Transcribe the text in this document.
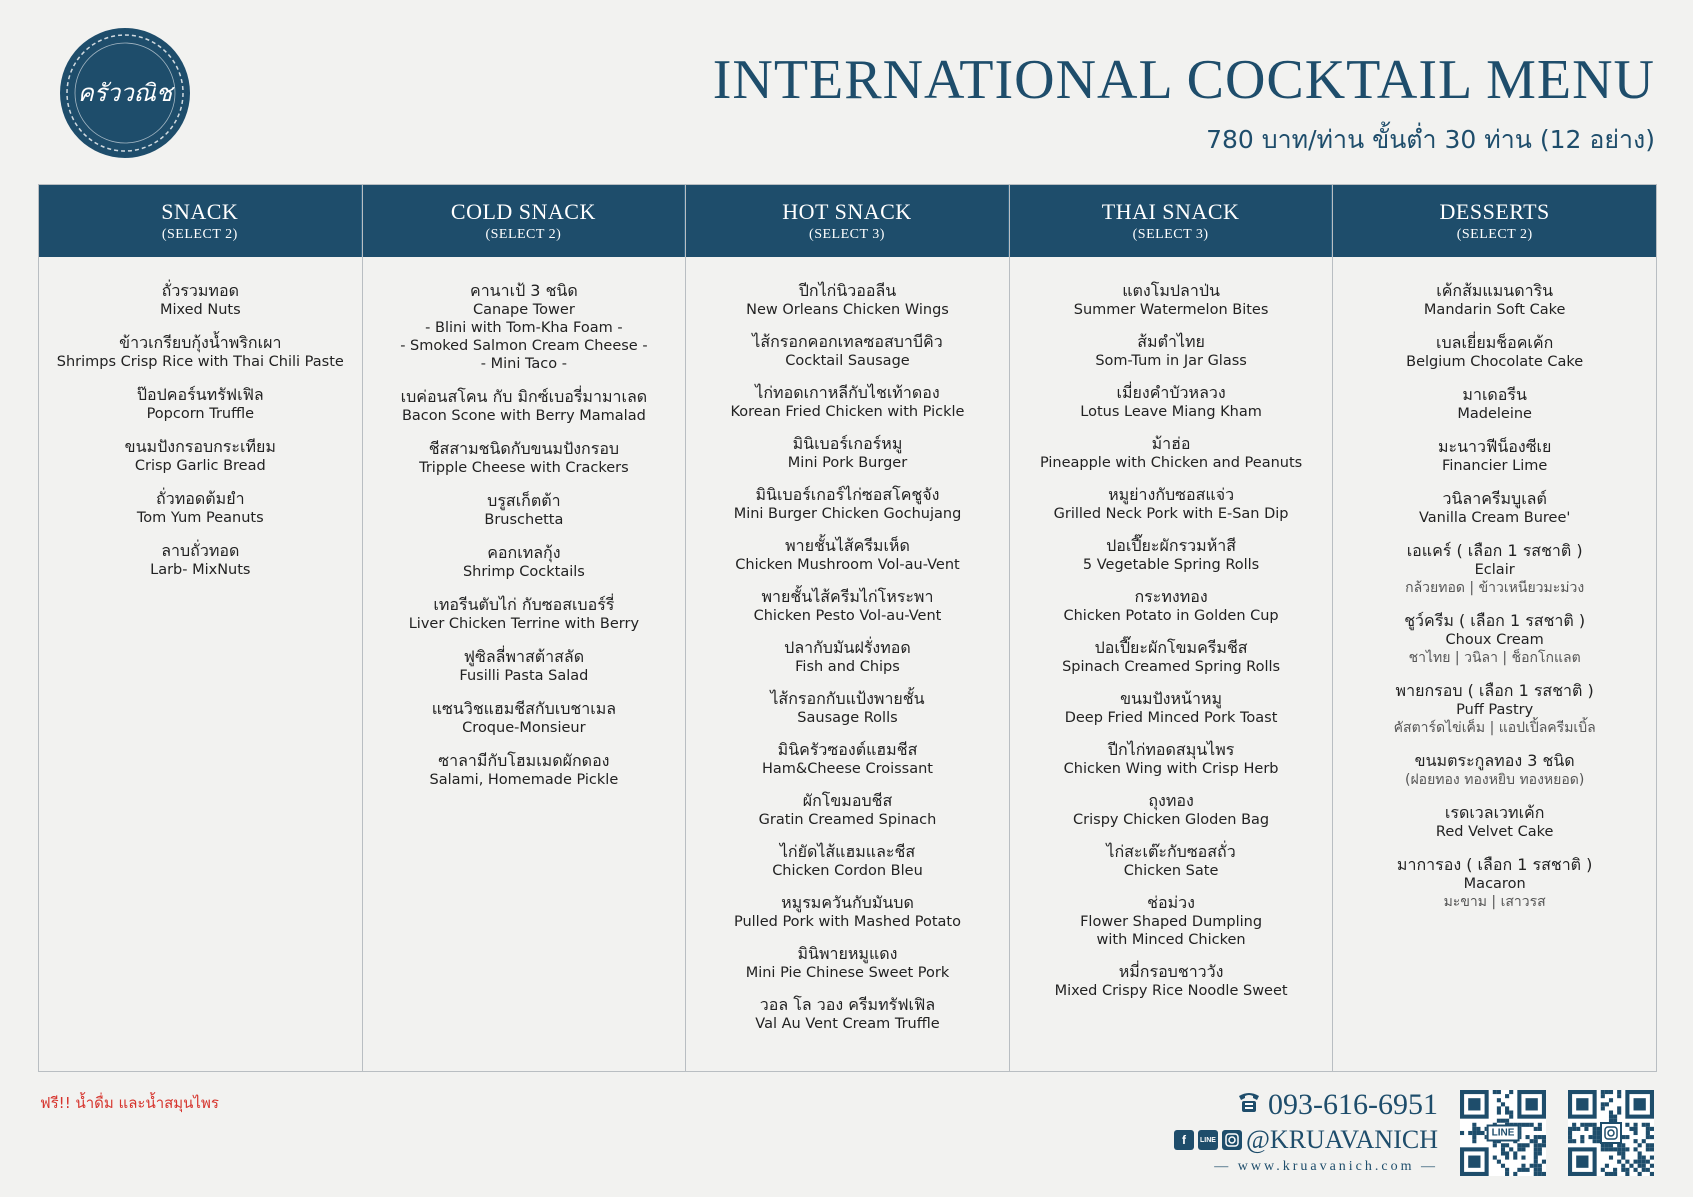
ครัววณิช	INTERNATIONAL COCKTAIL MENU
780 บาท/ท่าน ขั้นต่ำ 30 ท่าน (12 อย่าง)
SNACK
(SELECT 2)
ถั่วรวมทอด
Mixed Nuts
ข้าวเกรียบกุ้งน้ำพริกเผา
Shrimps Crisp Rice with Thai Chili Paste
ป๊อปคอร์นทรัฟเฟิล
Popcorn Truffle
ขนมปังกรอบกระเทียม
Crisp Garlic Bread
ถั่วทอดต้มยำ
Tom Yum Peanuts
ลาบถั่วทอด
Larb- MixNuts
COLD SNACK
(SELECT 2)
คานาเป้ 3 ชนิด
Canape Tower
- Blini with Tom-Kha Foam -
- Smoked Salmon Cream Cheese -
- Mini Taco -
เบค่อนสโคน กับ มิกซ์เบอรี่มามาเลด
Bacon Scone with Berry Mamalad
ชีสสามชนิดกับขนมปังกรอบ
Tripple Cheese with Crackers
บรูสเก็ตต้า
Bruschetta
คอกเทลกุ้ง
Shrimp Cocktails
เทอรีนตับไก่ กับซอสเบอร์รี่
Liver Chicken Terrine with Berry
ฟูซิลลี่พาสต้าสลัด
Fusilli Pasta Salad
แซนวิชแฮมชีสกับเบชาเมล
Croque-Monsieur
ซาลามีกับโฮมเมดผักดอง
Salami, Homemade Pickle
HOT SNACK
(SELECT 3)
ปีกไก่นิวออลีน
New Orleans Chicken Wings
ไส้กรอกคอกเทลซอสบาบีคิว
Cocktail Sausage
ไก่ทอดเกาหลีกับไชเท้าดอง
Korean Fried Chicken with Pickle
มินิเบอร์เกอร์หมู
Mini Pork Burger
มินิเบอร์เกอร์ไก่ซอสโคชูจัง
Mini Burger Chicken Gochujang
พายชั้นไส้ครีมเห็ด
Chicken Mushroom Vol-au-Vent
พายชั้นไส้ครีมไก่โหระพา
Chicken Pesto Vol-au-Vent
ปลากับมันฝรั่งทอด
Fish and Chips
ไส้กรอกกับแป้งพายชั้น
Sausage Rolls
มินิครัวซองต์แฮมชีส
Ham&Cheese Croissant
ผักโขมอบชีส
Gratin Creamed Spinach
ไก่ยัดไส้แฮมและชีส
Chicken Cordon Bleu
หมูรมควันกับมันบด
Pulled Pork with Mashed Potato
มินิพายหมูแดง
Mini Pie Chinese Sweet Pork
วอล โล วอง ครีมทรัฟเฟิล
Val Au Vent Cream Truffle
THAI SNACK
(SELECT 3)
แตงโมปลาป่น
Summer Watermelon Bites
ส้มตำไทย
Som-Tum in Jar Glass
เมี่ยงคำบัวหลวง
Lotus Leave Miang Kham
ม้าฮ่อ
Pineapple with Chicken and Peanuts
หมูย่างกับซอสแจ่ว
Grilled Neck Pork with E-San Dip
ปอเปี๊ยะผักรวมห้าสี
5 Vegetable Spring Rolls
กระทงทอง
Chicken Potato in Golden Cup
ปอเปี๊ยะผักโขมครีมชีส
Spinach Creamed Spring Rolls
ขนมปังหน้าหมู
Deep Fried Minced Pork Toast
ปีกไก่ทอดสมุนไพร
Chicken Wing with Crisp Herb
ถุงทอง
Crispy Chicken Gloden Bag
ไก่สะเต๊ะกับซอสถั่ว
Chicken Sate
ช่อม่วง
Flower Shaped Dumpling
with Minced Chicken
หมี่กรอบชาววัง
Mixed Crispy Rice Noodle Sweet
DESSERTS
(SELECT 2)
เค้กส้มแมนดาริน
Mandarin Soft Cake
เบลเยี่ยมช็อคเค้ก
Belgium Chocolate Cake
มาเดอรีน
Madeleine
มะนาวฟีน็องซีเย
Financier Lime
วนิลาครีมบูเลต์
Vanilla Cream Buree'
เอแคร์ ( เลือก 1 รสชาติ )
Eclair
กล้วยทอด | ข้าวเหนียวมะม่วง
ชูว์ครีม ( เลือก 1 รสชาติ )
Choux Cream
ชาไทย | วนิลา | ช็อกโกแลต
พายกรอบ ( เลือก 1 รสชาติ )
Puff Pastry
คัสตาร์ดไข่เค็ม | แอปเปิ้ลครีมเบิ้ล
ขนมตระกูลทอง 3 ชนิด
(ฝอยทอง ทองหยิบ ทองหยอด)
เรดเวลเวทเค้ก
Red Velvet Cake
มาการอง ( เลือก 1 รสชาติ )
Macaron
มะขาม | เสาวรส
ฟรี!! น้ำดื่ม และน้ำสมุนไพร	093-616-6951
f	LINE @KRUAVANICH
— www.kruavanich.com —
LINE
